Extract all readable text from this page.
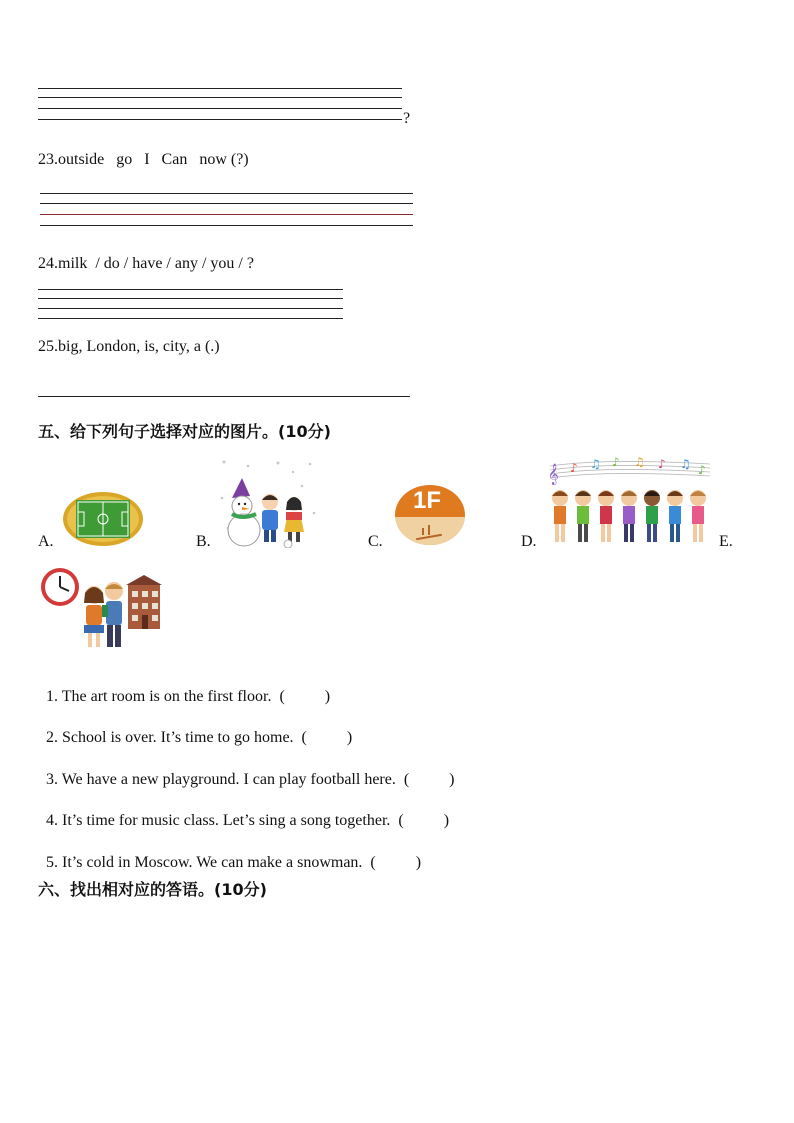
?
23.outside   go   I   Can   now (?)
24.milk  / do / have / any / you / ?
25.big, London, is, city, a (.)
五、给下列句子选择对应的图片。(10分)
A.	B.	C.
1F
D.
𝄞 ♪ ♫ ♪ ♫ ♪ ♫ ♪
E.

1. The art room is on the first floor. (          )

2. School is over. It’s time to go home. (          )

3. We have a new playground. I can play football here. (          )

4. It’s time for music class. Let’s sing a song together. (          )

5. It’s cold in Moscow. We can make a snowman. (          )

六、找出相对应的答语。(10分)
